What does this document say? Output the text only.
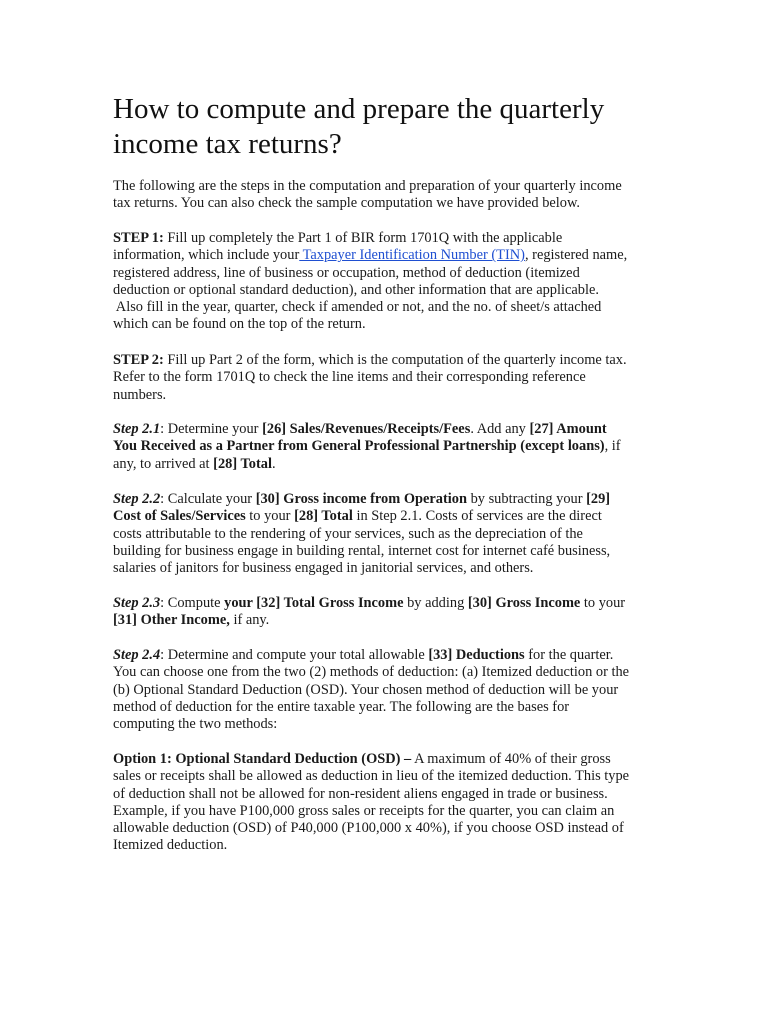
How to compute and prepare the quarterly
income tax returns?

The following are the steps in the computation and preparation of your quarterly income
tax returns. You can also check the sample computation we have provided below.

STEP 1: Fill up completely the Part 1 of BIR form 1701Q with the applicable
information, which include your Taxpayer Identification Number (TIN), registered name,
registered address, line of business or occupation, method of deduction (itemized
deduction or optional standard deduction), and other information that are applicable.
Also fill in the year, quarter, check if amended or not, and the no. of sheet/s attached
which can be found on the top of the return.

STEP 2: Fill up Part 2 of the form, which is the computation of the quarterly income tax.
Refer to the form 1701Q to check the line items and their corresponding reference
numbers.

Step 2.1: Determine your [26] Sales/Revenues/Receipts/Fees. Add any [27] Amount
You Received as a Partner from General Professional Partnership (except loans), if
any, to arrived at [28] Total.

Step 2.2: Calculate your [30] Gross income from Operation by subtracting your [29]
Cost of Sales/Services to your [28] Total in Step 2.1. Costs of services are the direct
costs attributable to the rendering of your services, such as the depreciation of the
building for business engage in building rental, internet cost for internet café business,
salaries of janitors for business engaged in janitorial services, and others.

Step 2.3: Compute your [32] Total Gross Income by adding [30] Gross Income to your
[31] Other Income, if any.

Step 2.4: Determine and compute your total allowable [33] Deductions for the quarter.
You can choose one from the two (2) methods of deduction: (a) Itemized deduction or the
(b) Optional Standard Deduction (OSD). Your chosen method of deduction will be your
method of deduction for the entire taxable year. The following are the bases for
computing the two methods:

Option 1: Optional Standard Deduction (OSD) – A maximum of 40% of their gross
sales or receipts shall be allowed as deduction in lieu of the itemized deduction. This type
of deduction shall not be allowed for non-resident aliens engaged in trade or business.
Example, if you have P100,000 gross sales or receipts for the quarter, you can claim an
allowable deduction (OSD) of P40,000 (P100,000 x 40%), if you choose OSD instead of
Itemized deduction.
